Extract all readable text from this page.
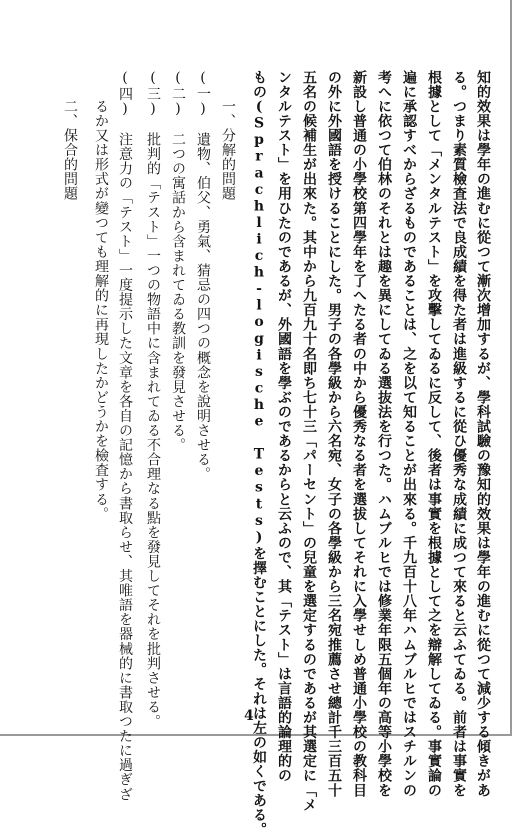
知的效果は學年の進むに從つて漸次增加するが、學科試驗の豫知的效果は學年の進むに從つて減少する傾きがあ
る。つまり素質檢査法で良成績を得た者は進級するに從ひ優秀な成績に成つて來ると云ふてゐる。前者は事實を
根據として「メンタルテスト」を攻擊してゐるに反して、後者は事實を根據として之を辯解してゐる。事實論の
遍に承認すべからざるものであることは、之を以て知ることが出來る。千九百十八年ハムブルヒではスチルンの
考へに依つて伯林のそれとは趣を異にしてゐる選抜法を行つた。ハムブルヒでは修業年限五個年の高等小學校を
新設し普通の小學校第四學年を了へたる者の中から優秀なる者を選拔してそれに入學せしめ普通小學校の教科目
の外に外國語を授けることにした。男子の各學級から六名宛、女子の各學級から三名宛推薦させ總計千三百五十
五名の候補生が出來た。其中から九百九十名即ち七十三「パーセント」の兒童を選定するのであるが其選定に「メ
ンタルテスト」を用ひたのであるが、外國語を學ぶのであるからと云ふので、其「テスト」は言語的論理的の
もの(Sprachlich-logische Tests)を擇むことにした。それは左の如くである。
　　一、分解的問題
(一)　遺物、伯父、勇氣、猜忌の四つの概念を說明させる。
(二)　二つの寓話から含まれてゐる教訓を發見させる。
(三)　批判的「テスト」一つの物語中に含まれてゐる不合理なる點を發見してそれを批判させる。
(四)　注意力の「テスト」一度提示した文章を各自の記憶から書取らせ、其唯語を器械的に書取つたに過ぎざ
　　るか又は形式が變つても理解的に再現したかどうかを檢査する。
　　二、保合的問題
4
